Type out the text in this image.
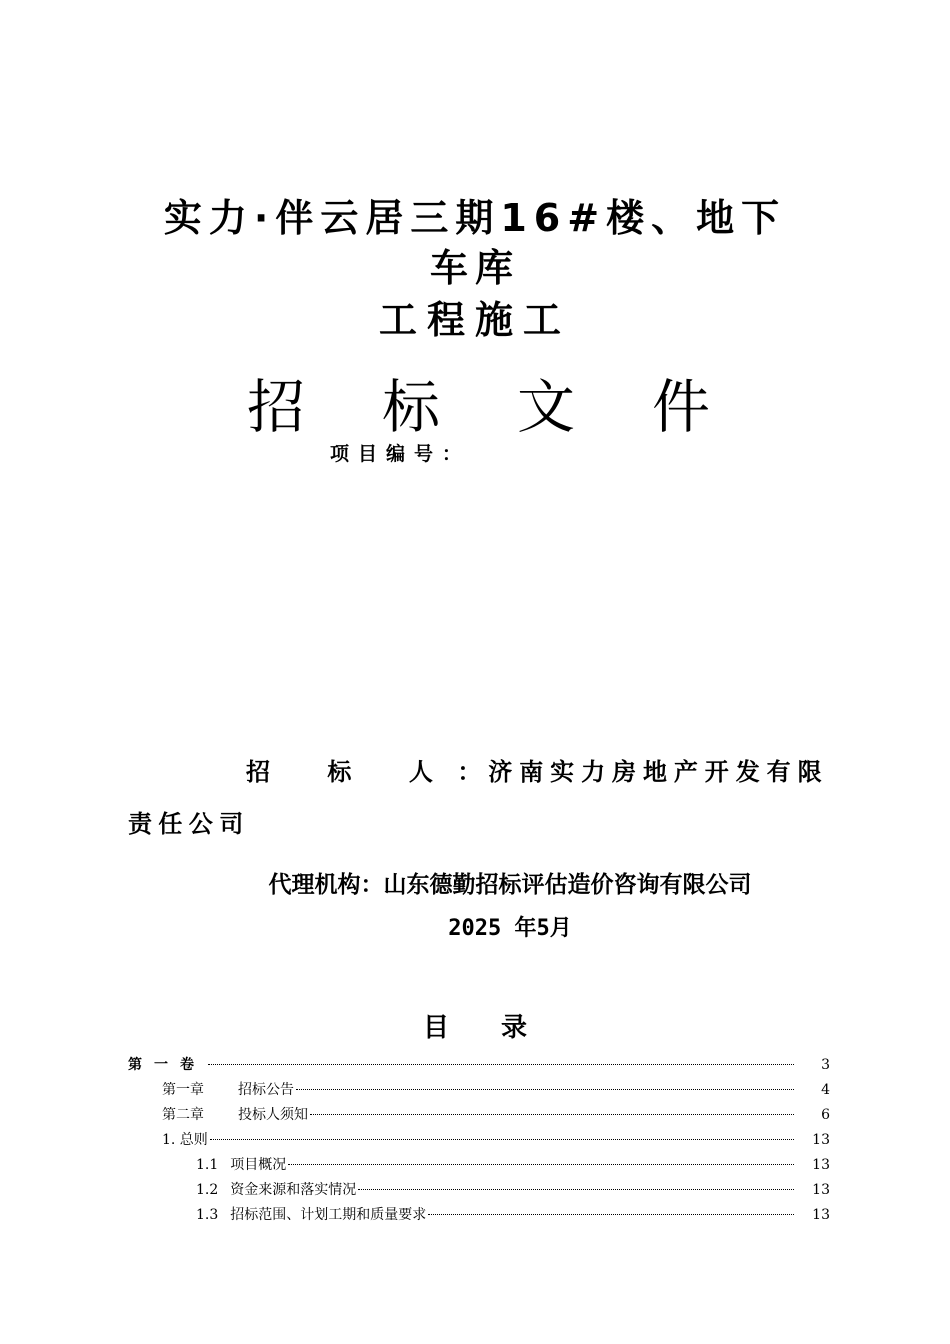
实力·伴云居三期16#楼、地下
车库
工程施工
招 标 文 件
项目编号：
招 标 人：济南实力房地产开发有限责任公司
代理机构：山东德勤招标评估造价咨询有限公司
2025 年5月
目录
第一卷	3
第一章 招标公告	4
第二章 投标人须知	6
1. 总则	13
1.1 项目概况	13
1.2 资金来源和落实情况	13
1.3 招标范围、计划工期和质量要求	13
